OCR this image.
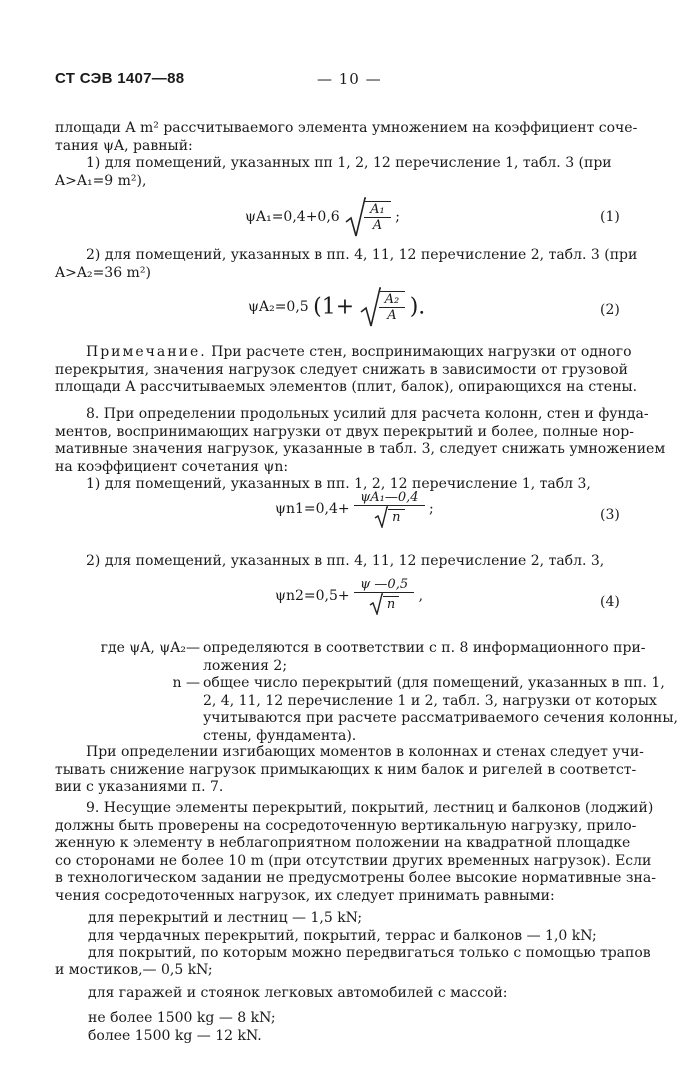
СТ СЭВ 1407—88	— 10 —
площади A m² рассчитываемого элемента умножением на коэффициент соче-
тания ψA, равный:
1) для помещений, указанных пп 1, 2, 12 перечисление 1, табл. 3 (при
A>A₁=9 m²),
$\psi A_1=0,4+0,6 \frac{\text{A₁}}{A}$ ;	(1)
2) для помещений, указанных в пп. 4, 11, 12 перечисление 2, табл. 3 (при
A>A₂=36 m²)
ψA₂=0,5 ($1+ \frac{\text{A₂}}{A}$ ).	(2)
Примечание. При расчете стен, воспринимающих нагрузки от одного
перекрытия, значения нагрузок следует снижать в зависимости от грузовой
площади A рассчитываемых элементов (плит, балок), опирающихся на стены.
8. При определении продольных усилий для расчета колонн, стен и фунда-
ментов, воспринимающих нагрузки от двух перекрытий и более, полные нор-
мативные значения нагрузок, указанные в табл. 3, следует снижать умножением
на коэффициент сочетания ψn:
1) для помещений, указанных в пп. 1, 2, 12 перечисление 1, табл 3,
$\psi n1=0,4+ \frac{\text{ψA₁—0,4}}{n}$ ;	(3)
2) для помещений, указанных в пп. 4, 11, 12 перечисление 2, табл. 3,
$\psi n2=0,5+ \frac{\psi —0,5}{n}$ ,	(4)
где ψA, ψA₂— определяются в соответствии с п. 8 информационного при-
ложения 2;
n — общее число перекрытий (для помещений, указанных в пп. 1,
2, 4, 11, 12 перечисление 1 и 2, табл. 3, нагрузки от которых
учитываются при расчете рассматриваемого сечения колонны,
стены, фундамента).
При определении изгибающих моментов в колоннах и стенах следует учи-
тывать снижение нагрузок примыкающих к ним балок и ригелей в соответст-
вии с указаниями п. 7.
9. Несущие элементы перекрытий, покрытий, лестниц и балконов (лоджий)
должны быть проверены на сосредоточенную вертикальную нагрузку, прило-
женную к элементу в неблагоприятном положении на квадратной площадке
со сторонами не более 10 m (при отсутствии других временных нагрузок). Если
в технологическом задании не предусмотрены более высокие нормативные зна-
чения сосредоточенных нагрузок, их следует принимать равными:
для перекрытий и лестниц — 1,5 kN;
для чердачных перекрытий, покрытий, террас и балконов — 1,0 kN;
для покрытий, по которым можно передвигаться только с помощью трапов
и мостиков,— 0,5 kN;
для гаражей и стоянок легковых автомобилей с массой:
не более 1500 kg — 8 kN;
более 1500 kg — 12 kN.
